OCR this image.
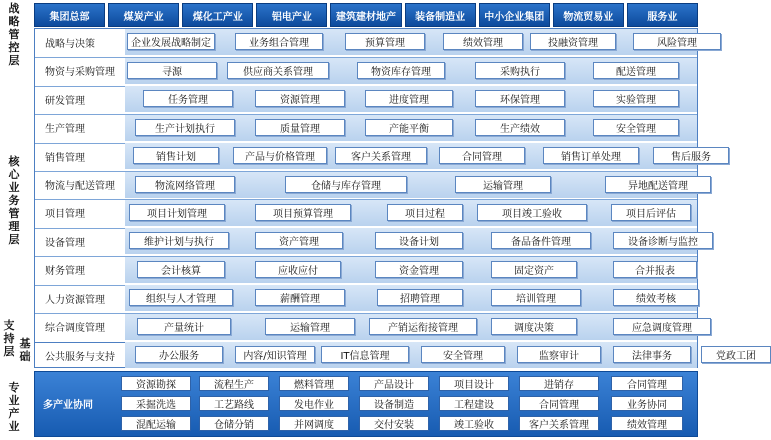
战
略
管
控
层
核
心
业
务
管
理
层
支
持
层
基
础
专
业
产
业
集团总部	煤炭产业	煤化工产业	铝电产业	建筑建材地产	装备制造业	中小企业集团	物流贸易业	服务业
战略与决策	企业发展战略制定	业务组合管理	预算管理	绩效管理	投融资管理	风险管理
物资与采购管理	寻源	供应商关系管理	物资库存管理	采购执行	配送管理
研发管理	任务管理	资源管理	进度管理	环保管理	实验管理
生产管理	生产计划执行	质量管理	产能平衡	生产绩效	安全管理
销售管理	销售计划	产品与价格管理	客户关系管理	合同管理	销售订单处理	售后服务
物流与配送管理	物流网络管理	仓储与库存管理	运输管理	异地配送管理
项目管理	项目计划管理	项目预算管理	项目过程	项目竣工验收	项目后评估
设备管理	维护计划与执行	资产管理	设备计划	备品备件管理	设备诊断与监控
财务管理	会计核算	应收应付	资金管理	固定资产	合并报表
人力资源管理	组织与人才管理	薪酬管理	招聘管理	培训管理	绩效考核
综合调度管理	产量统计	运输管理	产销运衔接管理	调度决策	应急调度管理
公共服务与支持	办公服务	内容/知识管理	IT信息管理	安全管理	监察审计	法律事务	党政工团
多产业协同
资源勘探	流程生产	燃料管理	产品设计	项目设计	进销存	合同管理
采掘洗选	工艺路线	发电作业	设备制造	工程建设	合同管理	业务协同
混配运输	仓储分销	并网调度	交付安装	竣工验收	客户关系管理	绩效管理
